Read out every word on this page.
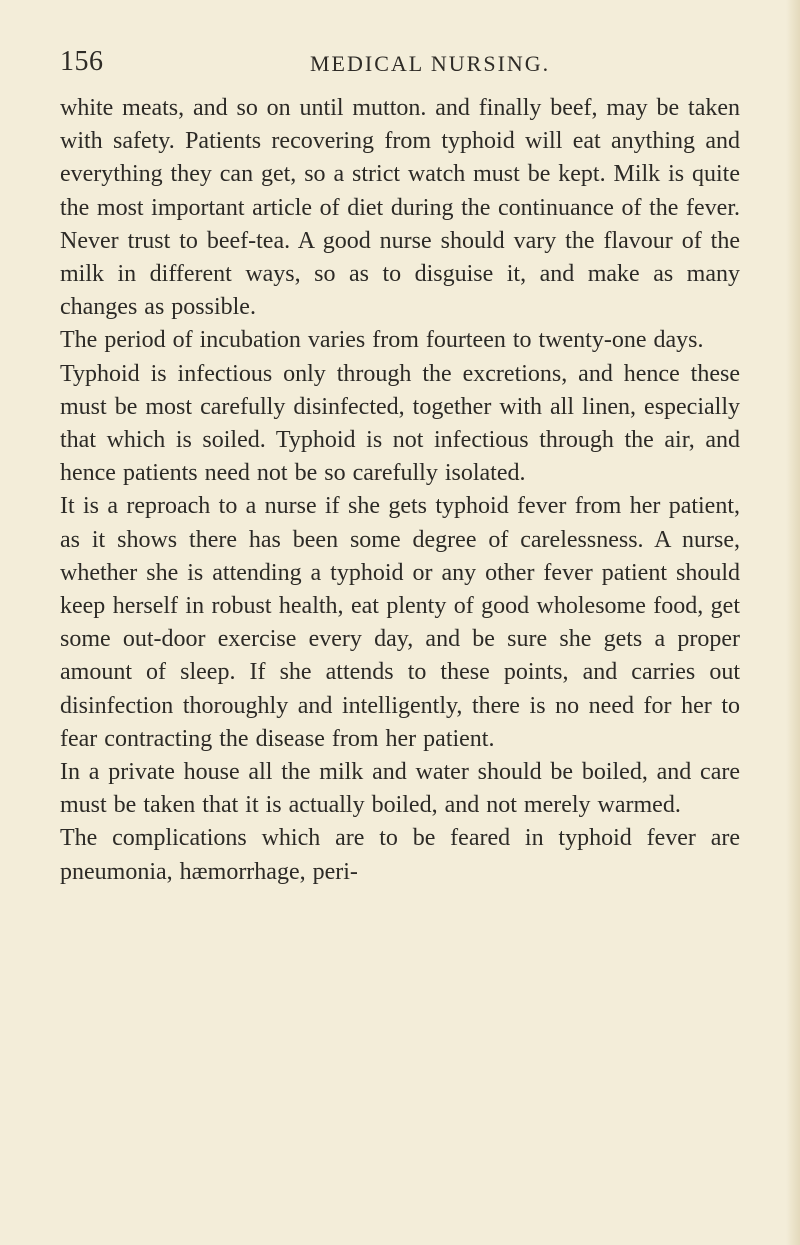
156	MEDICAL NURSING.

white meats, and so on until mutton. and finally beef, may be taken with safety. Patients recovering from typhoid will eat anything and everything they can get, so a strict watch must be kept. Milk is quite the most important article of diet during the continuance of the fever. Never trust to beef-tea. A good nurse should vary the flavour of the milk in different ways, so as to disguise it, and make as many changes as possible.

The period of incubation varies from fourteen to twenty-one days.

Typhoid is infectious only through the excretions, and hence these must be most carefully disinfected, together with all linen, especially that which is soiled. Typhoid is not infectious through the air, and hence patients need not be so carefully isolated.

It is a reproach to a nurse if she gets typhoid fever from her patient, as it shows there has been some degree of carelessness. A nurse, whether she is attending a typhoid or any other fever patient should keep herself in robust health, eat plenty of good wholesome food, get some out-door exercise every day, and be sure she gets a proper amount of sleep. If she attends to these points, and carries out disinfection thoroughly and intelligently, there is no need for her to fear contracting the disease from her patient.

In a private house all the milk and water should be boiled, and care must be taken that it is actually boiled, and not merely warmed.

The complications which are to be feared in typhoid fever are pneumonia, hæmorrhage, peri-
